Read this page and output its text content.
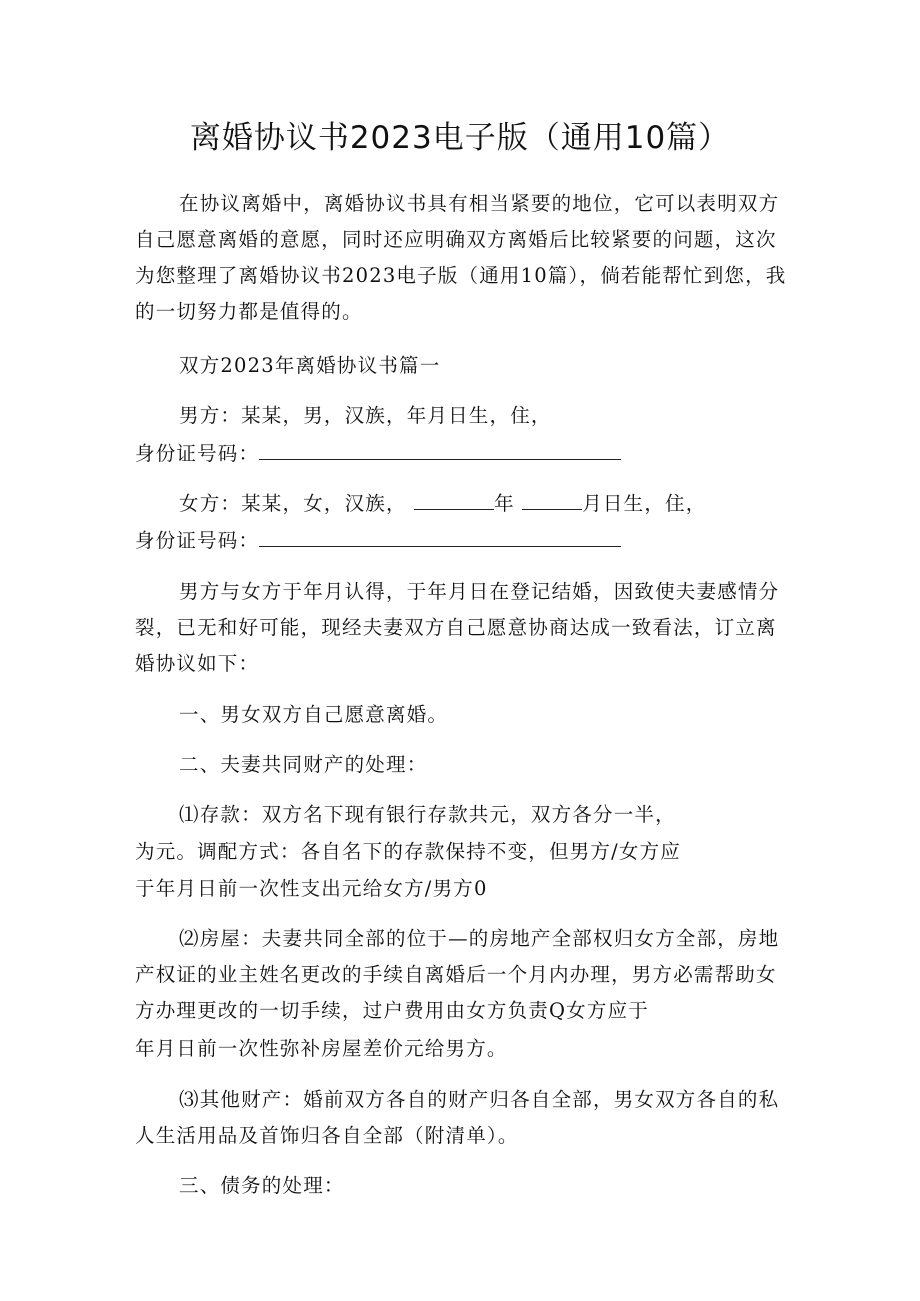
离婚协议书2023电子版（通用10篇）
在协议离婚中，离婚协议书具有相当紧要的地位，它可以表明双方自己愿意离婚的意愿，同时还应明确双方离婚后比较紧要的问题，这次为您整理了离婚协议书2023电子版（通用10篇），倘若能帮忙到您，我的一切努力都是值得的。
双方2023年离婚协议书篇一
男方：某某，男，汉族，年月日生，住，
身份证号码：
女方：某某，女，汉族，	年	月日生，住，
身份证号码：
男方与女方于年月认得，于年月日在登记结婚，因致使夫妻感情分裂，已无和好可能，现经夫妻双方自己愿意协商达成一致看法，订立离婚协议如下：
一、男女双方自己愿意离婚。
二、夫妻共同财产的处理：
⑴存款：双方名下现有银行存款共元，双方各分一半，
为元。调配方式：各自名下的存款保持不变，但男方/女方应
于年月日前一次性支出元给女方/男方0
⑵房屋：夫妻共同全部的位于—的房地产全部权归女方全部，房地产权证的业主姓名更改的手续自离婚后一个月内办理，男方必需帮助女方办理更改的一切手续，过户费用由女方负责Q女方应于
年月日前一次性弥补房屋差价元给男方。
⑶其他财产：婚前双方各自的财产归各自全部，男女双方各自的私人生活用品及首饰归各自全部（附清单）。
三、债务的处理：
